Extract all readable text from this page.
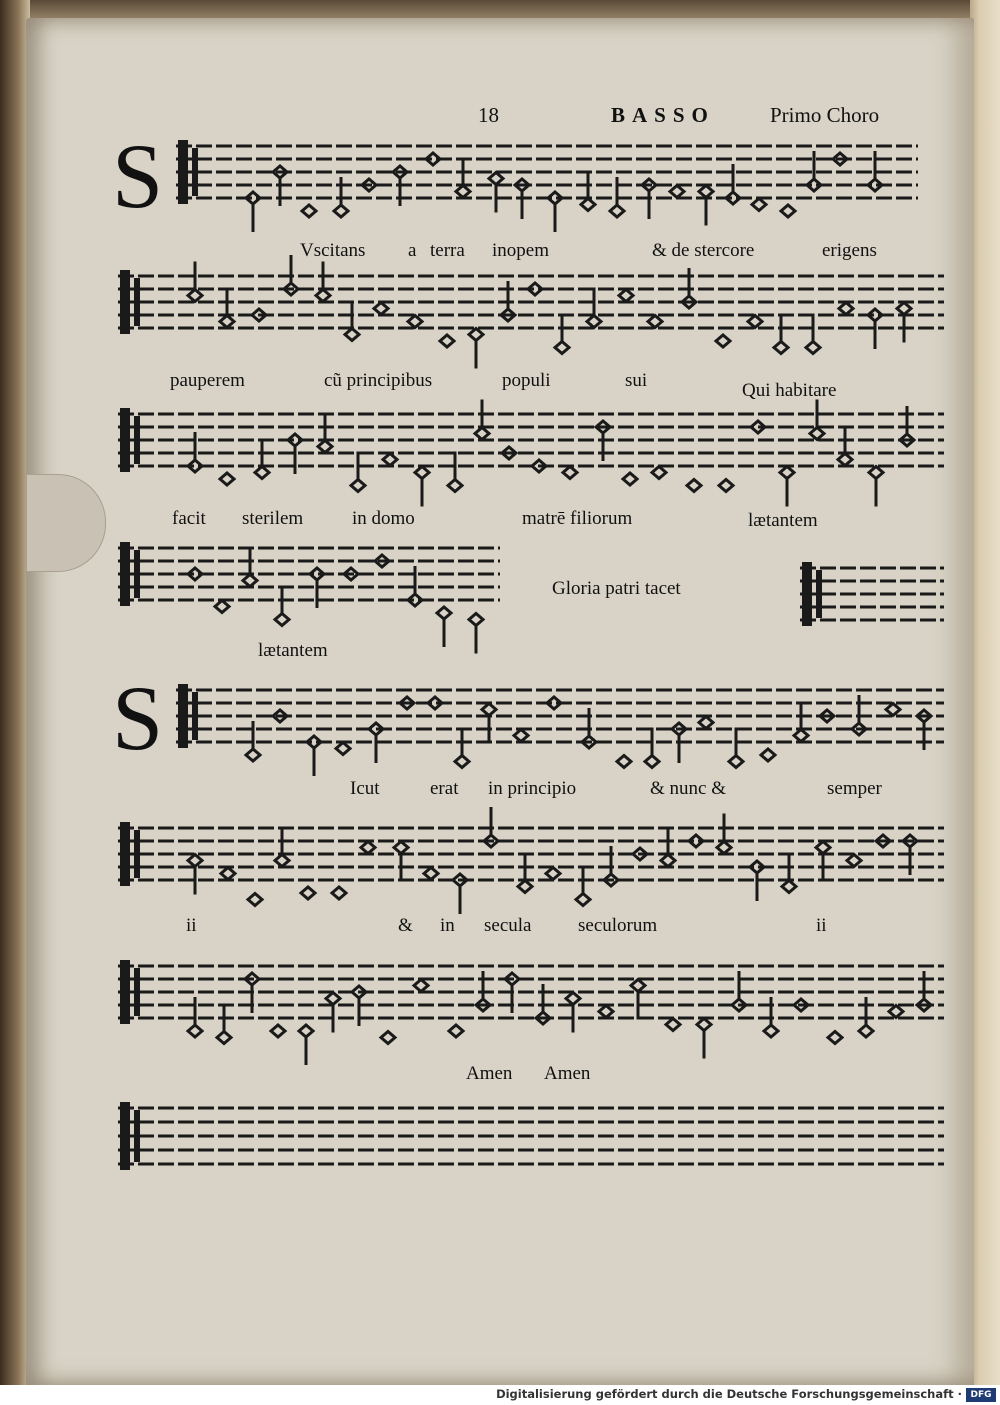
18	BASSO	Primo Choro
S
S
Vscitans a terra inopem	& de stercore	erigens
pauperem	cũ principibus	populi	sui	Qui habitare
facit sterilem	in domo	matrē filiorum	lætantem
lætantem
Icut	erat in principio	& nunc &	semper
ii	& in secula seculorum	ii
Amen Amen
Gloria patri tacet
Digitalisierung gefördert durch die Deutsche Forschungsgemeinschaft · DFG
